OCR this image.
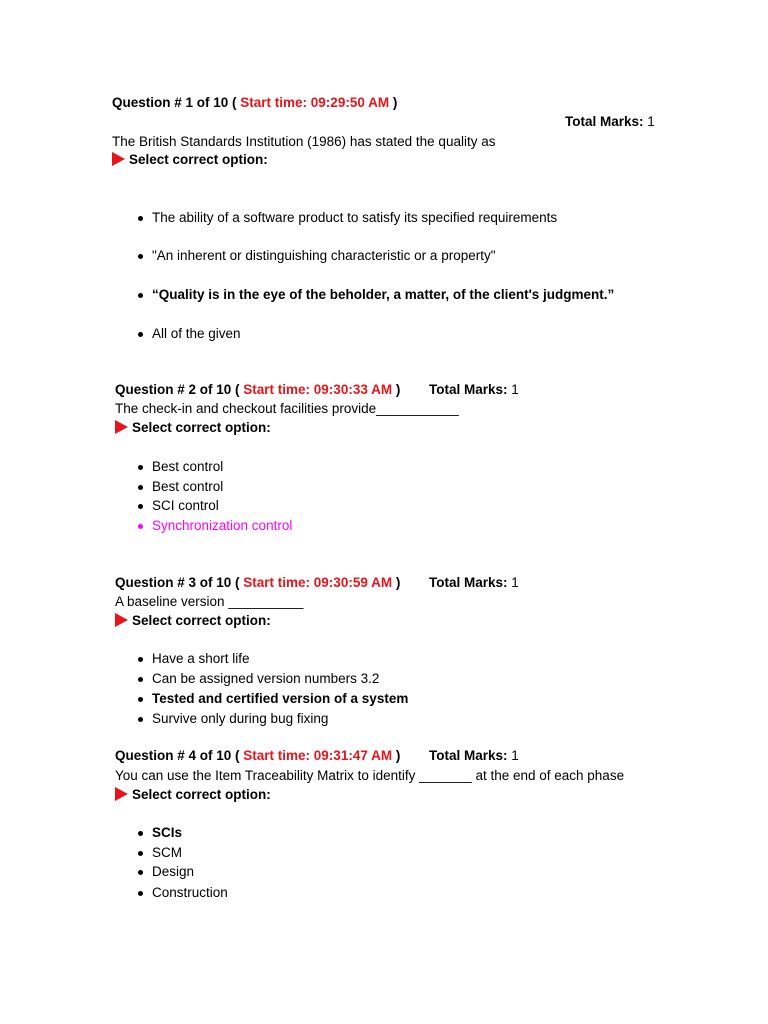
Question # 1 of 10 ( Start time: 09:29:50 AM )
Total Marks: 1
The British Standards Institution (1986) has stated the quality as
Select correct option:
The ability of a software product to satisfy its specified requirements
"An inherent or distinguishing characteristic or a property"
“Quality is in the eye of the beholder, a matter, of the client's judgment.”
All of the given
Question # 2 of 10 ( Start time: 09:30:33 AM ) Total Marks: 1
The check-in and checkout facilities provide___________
Select correct option:
Best control
Best control
SCI control
Synchronization control
Question # 3 of 10 ( Start time: 09:30:59 AM ) Total Marks: 1
A baseline version __________
Select correct option:
Have a short life
Can be assigned version numbers 3.2
Tested and certified version of a system
Survive only during bug fixing
Question # 4 of 10 ( Start time: 09:31:47 AM ) Total Marks: 1
You can use the Item Traceability Matrix to identify _______ at the end of each phase
Select correct option:
SCIs
SCM
Design
Construction
